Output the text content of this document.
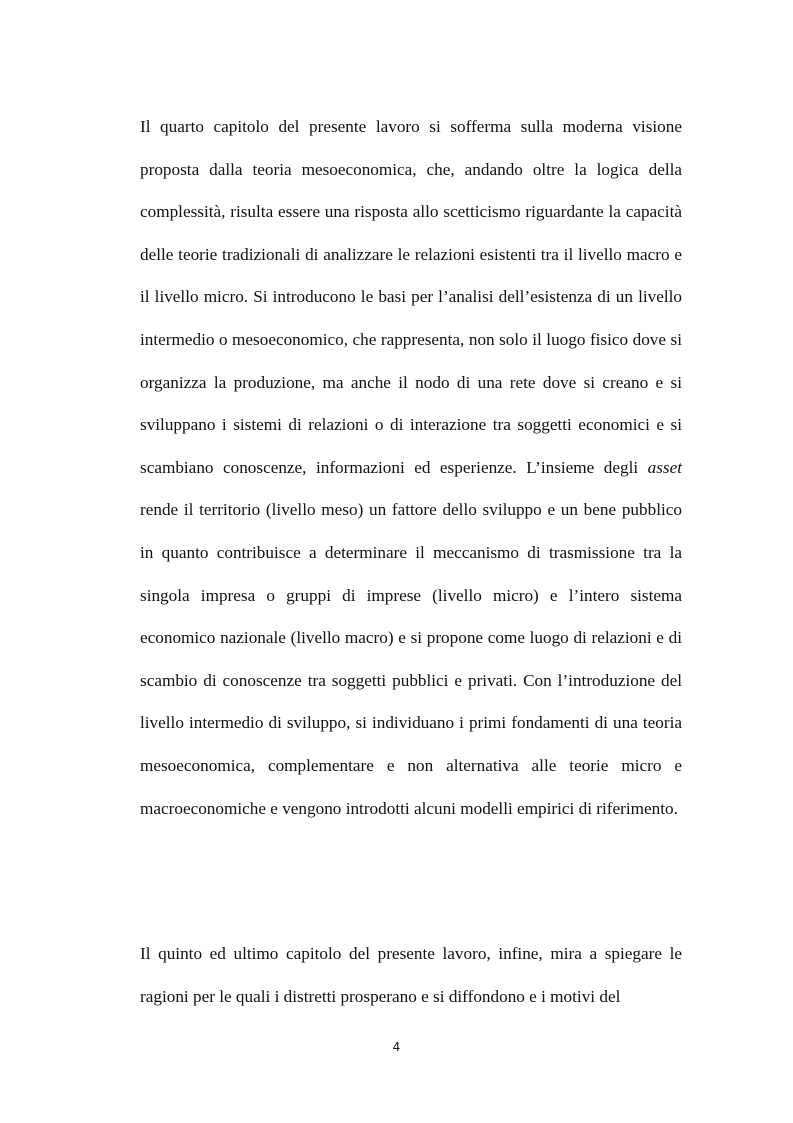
Il quarto capitolo del presente lavoro si sofferma sulla moderna visione proposta dalla teoria mesoeconomica, che, andando oltre la logica della complessità, risulta essere una risposta allo scetticismo riguardante la capacità delle teorie tradizionali di analizzare le relazioni esistenti tra il livello macro e il livello micro. Si introducono le basi per l’analisi dell’esistenza di un livello intermedio o mesoeconomico, che rappresenta, non solo il luogo fisico dove si organizza la produzione, ma anche il nodo di una rete dove si creano e si sviluppano i sistemi di relazioni o di interazione tra soggetti economici e si scambiano conoscenze, informazioni ed esperienze. L’insieme degli asset rende il territorio (livello meso) un fattore dello sviluppo e un bene pubblico in quanto contribuisce a determinare il meccanismo di trasmissione tra la singola impresa o gruppi di imprese (livello micro) e l’intero sistema economico nazionale (livello macro) e si propone come luogo di relazioni e di scambio di conoscenze tra soggetti pubblici e privati. Con l’introduzione del livello intermedio di sviluppo, si individuano i primi fondamenti di una teoria mesoeconomica, complementare e non alternativa alle teorie micro e macroeconomiche e vengono introdotti alcuni modelli empirici di riferimento.

Il quinto ed ultimo capitolo del presente lavoro, infine, mira a spiegare le ragioni per le quali i distretti prosperano e si diffondono e i motivi del

4
